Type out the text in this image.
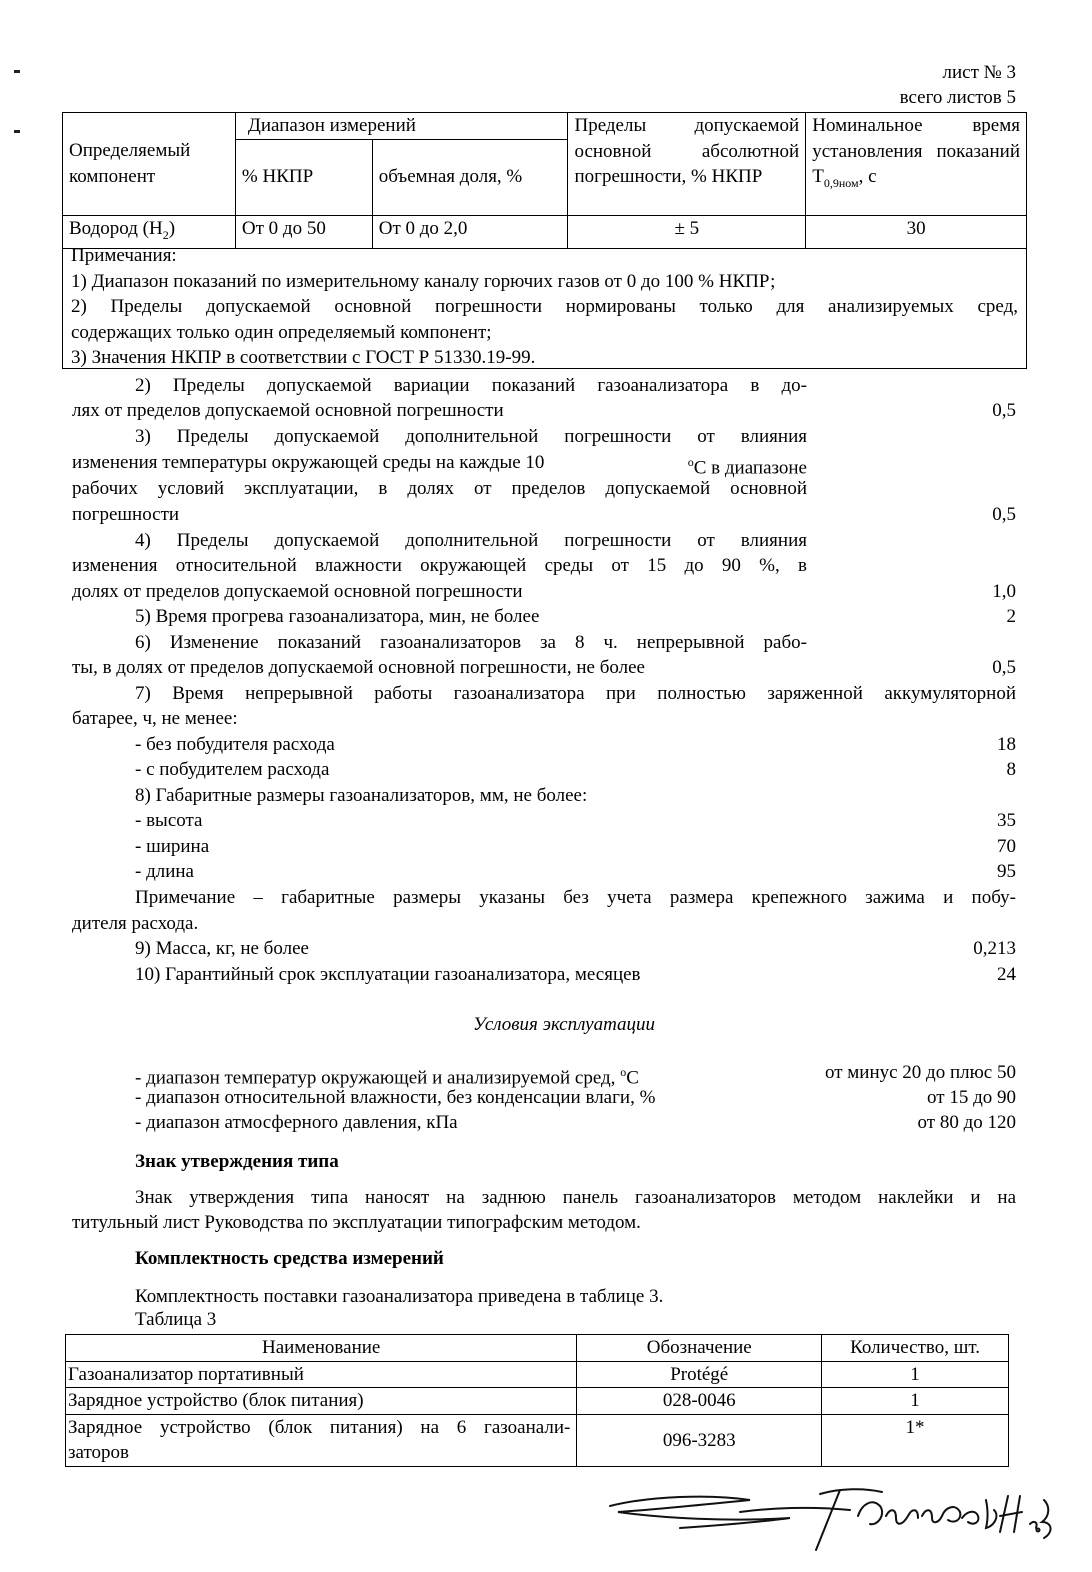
лист № 3
всего листов 5
Определяемый компонент	Диапазон измерений		Пределы допускаемой основной абсолютной погрешности, % НКПР	Номинальное время установления показаний $Т_{0,9ном}$, с
	% НКПР	объемная доля, %		
Водород $(H_2)$	От 0 до 50	От 0 до 2,0	± 5	30
Примечания:
1) Диапазон показаний по измерительному каналу горючих газов от 0 до 100 % НКПР;
2) Пределы допускаемой основной погрешности нормированы только для анализируемых сред,
содержащих только один определяемый компонент;
3) Значения НКПР в соответствии с ГОСТ Р 51330.19-99.
2) Пределы допускаемой вариации показаний газоанализатора в до-
лях от пределов допускаемой основной погрешности	0,5
3) Пределы допускаемой дополнительной погрешности от влияния
изменения температуры окружающей среды на каждые 10	$^o$С в диапазоне
рабочих условий эксплуатации, в долях от пределов допускаемой основной
погрешности	0,5
4) Пределы допускаемой дополнительной погрешности от влияния
изменения относительной влажности окружающей среды от 15 до 90 %, в
долях от пределов допускаемой основной погрешности	1,0
5) Время прогрева газоанализатора, мин, не более	2
6) Изменение показаний газоанализаторов за 8 ч. непрерывной рабо-
ты, в долях от пределов допускаемой основной погрешности, не более	0,5
7) Время непрерывной работы газоанализатора при полностью заряженной аккумуляторной
батарее, ч, не менее:
- без побудителя расхода	18
- с побудителем расхода	8
8) Габаритные размеры газоанализаторов, мм, не более:
- высота	35
- ширина	70
- длина	95
Примечание – габаритные размеры указаны без учета размера крепежного зажима и побу-
дителя расхода.
9) Масса, кг, не более	0,213
10) Гарантийный срок эксплуатации газоанализатора, месяцев	24
Условия эксплуатации
- диапазон температур окружающей и анализируемой сред, $^o$С	от минус 20 до плюс 50
- диапазон относительной влажности, без конденсации влаги, %	от 15 до 90
- диапазон атмосферного давления, кПа	от 80 до 120
Знак утверждения типа
Знак утверждения типа наносят на заднюю панель газоанализаторов методом наклейки и на
титульный лист Руководства по эксплуатации типографским методом.
Комплектность средства измерений
Комплектность поставки газоанализатора приведена в таблице 3.
Таблица 3
Наименование	Обозначение	Количество, шт.
Газоанализатор портативный	Protégé	1
Зарядное устройство (блок питания)	028-0046	1

Зарядное устройство (блок питания) на 6 газоанали-
заторов	096-3283	1*
